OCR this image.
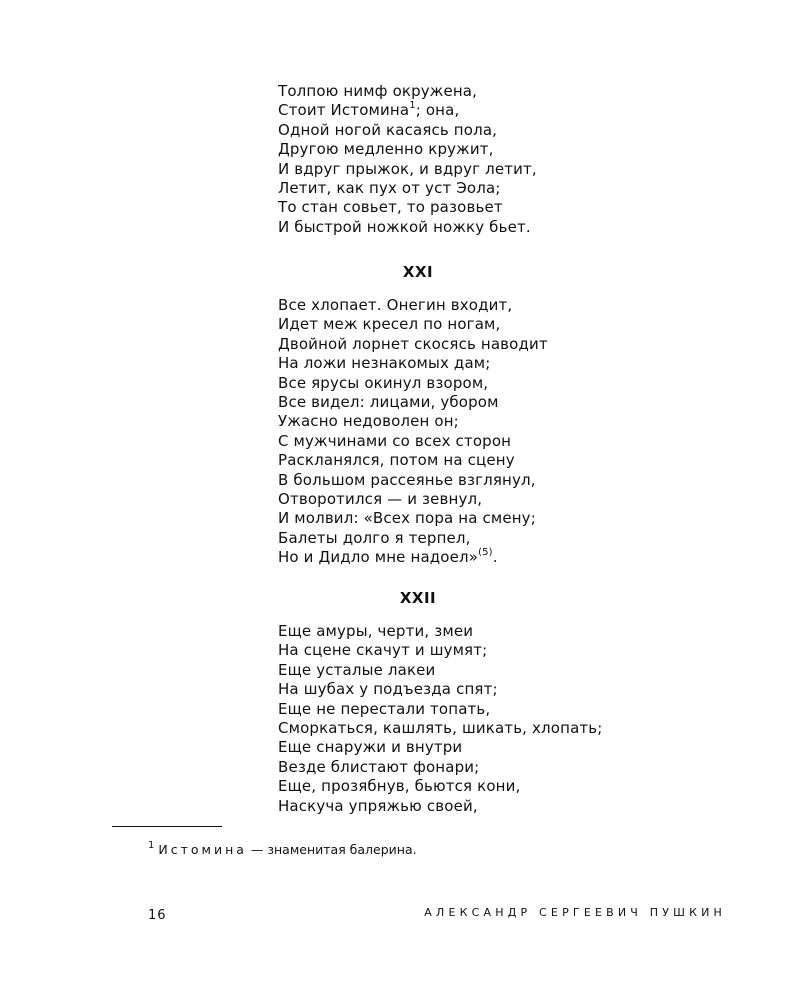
Толпою нимф окружена,
Стоит Истомина$^1$; она,
Одной ногой касаясь пола,
Другою медленно кружит,
И вдруг прыжок, и вдруг летит,
Летит, как пух от уст Эола;
То стан совьет, то разовьет
И быстрой ножкой ножку бьет.
XXI
Все хлопает. Онегин входит,
Идет меж кресел по ногам,
Двойной лорнет скосясь наводит
На ложи незнакомых дам;
Все ярусы окинул взором,
Все видел: лицами, убором
Ужасно недоволен он;
С мужчинами со всех сторон
Раскланялся, потом на сцену
В большом рассеянье взглянул,
Отворотился — и зевнул,
И молвил: «Всех пора на смену;
Балеты долго я терпел,
Но и Дидло мне надоел»$^{(5)}$.
XXII
Еще амуры, черти, змеи
На сцене скачут и шумят;
Еще усталые лакеи
На шубах у подъезда спят;
Еще не перестали топать,
Сморкаться, кашлять, шикать, хлопать;
Еще снаружи и внутри
Везде блистают фонари;
Еще, прозябнув, бьются кони,
Наскуча упряжью своей,
$^1$ Истомина — знаменитая балерина.
16	АЛЕКСАНДР СЕРГЕЕВИЧ ПУШКИН
